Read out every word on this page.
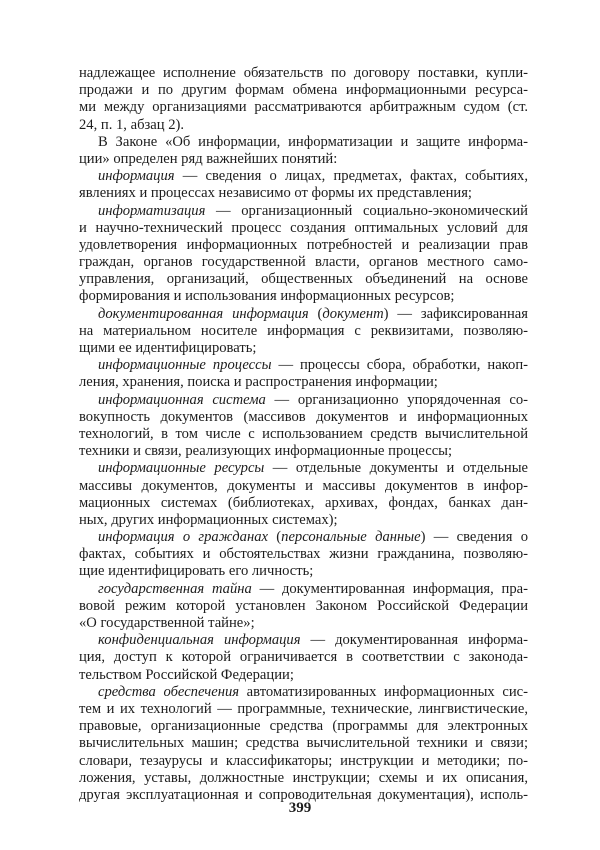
надлежащее исполнение обязательств по договору поставки, купли-
продажи и по другим формам обмена информационными ресурса-
ми между организациями рассматриваются арбитражным судом (ст.
24, п. 1, абзац 2).
В Законе «Об информации, информатизации и защите информа-
ции» определен ряд важнейших понятий:
информация — сведения о лицах, предметах, фактах, событиях,
явлениях и процессах независимо от формы их представления;
информатизация — организационный социально-экономический
и научно-технический процесс создания оптимальных условий для
удовлетворения информационных потребностей и реализации прав
граждан, органов государственной власти, органов местного само-
управления, организаций, общественных объединений на основе
формирования и использования информационных ресурсов;
документированная информация (документ) — зафиксированная
на материальном носителе информация с реквизитами, позволяю-
щими ее идентифицировать;
информационные процессы — процессы сбора, обработки, накоп-
ления, хранения, поиска и распространения информации;
информационная система — организационно упорядоченная со-
вокупность документов (массивов документов и информационных
технологий, в том числе с использованием средств вычислительной
техники и связи, реализующих информационные процессы;
информационные ресурсы — отдельные документы и отдельные
массивы документов, документы и массивы документов в инфор-
мационных системах (библиотеках, архивах, фондах, банках дан-
ных, других информационных системах);
информация о гражданах (персональные данные) — сведения о
фактах, событиях и обстоятельствах жизни гражданина, позволяю-
щие идентифицировать его личность;
государственная тайна — документированная информация, пра-
вовой режим которой установлен Законом Российской Федерации
«О государственной тайне»;
конфиденциальная информация — документированная информа-
ция, доступ к которой ограничивается в соответствии с законода-
тельством Российской Федерации;
средства обеспечения автоматизированных информационных сис-
тем и их технологий — программные, технические, лингвистические,
правовые, организационные средства (программы для электронных
вычислительных машин; средства вычислительной техники и связи;
словари, тезаурусы и классификаторы; инструкции и методики; по-
ложения, уставы, должностные инструкции; схемы и их описания,
другая эксплуатационная и сопроводительная документация), исполь-
399
